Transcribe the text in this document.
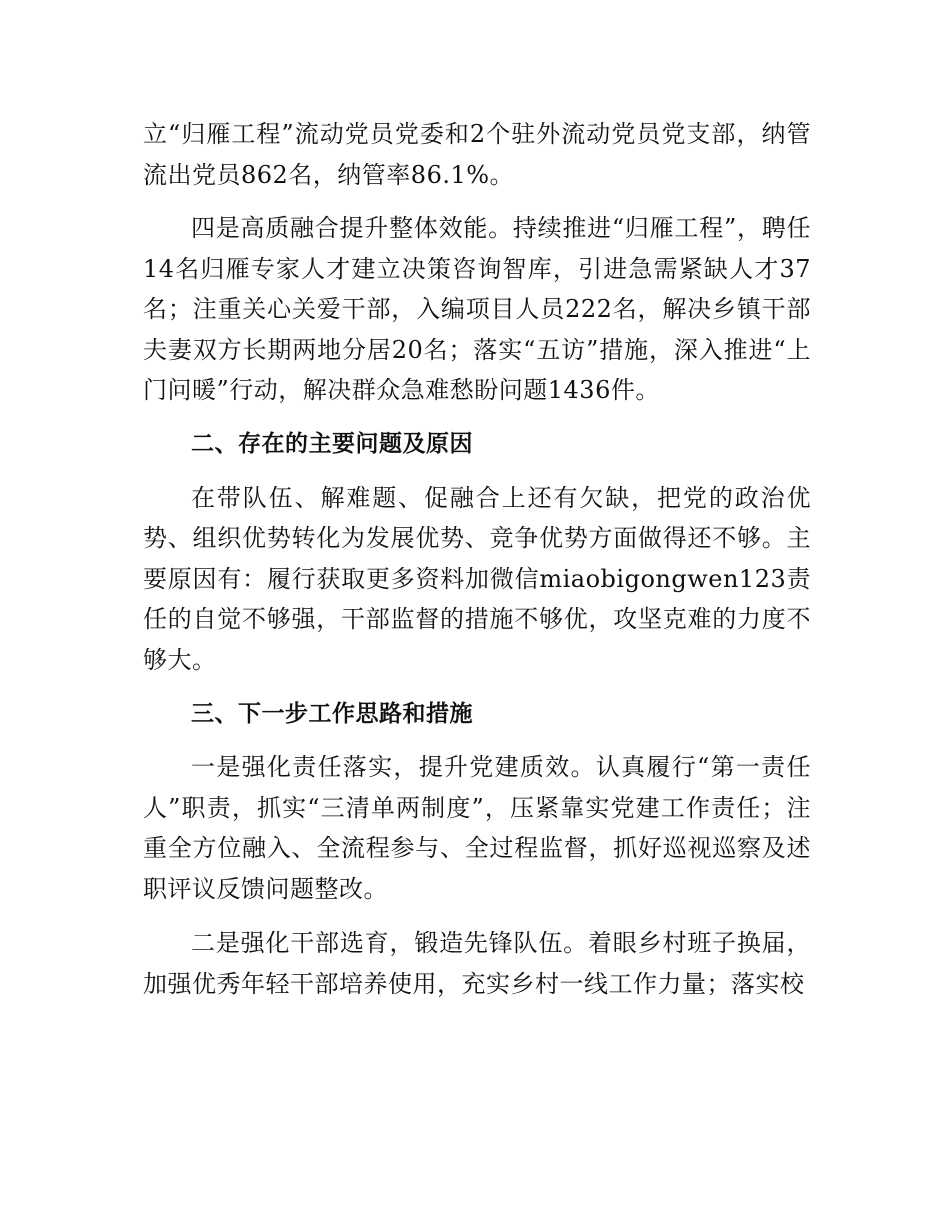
立“归雁工程”流动党员党委和2个驻外流动党员党支部，纳管流出党员862名，纳管率86.1%。

四是高质融合提升整体效能。持续推进“归雁工程”，聘任14名归雁专家人才建立决策咨询智库，引进急需紧缺人才37名；注重关心关爱干部，入编项目人员222名，解决乡镇干部夫妻双方长期两地分居20名；落实“五访”措施，深入推进“上门问暖”行动，解决群众急难愁盼问题1436件。

二、存在的主要问题及原因

在带队伍、解难题、促融合上还有欠缺，把党的政治优势、组织优势转化为发展优势、竞争优势方面做得还不够。主要原因有：履行获取更多资料加微信miaobigongwen123责任的自觉不够强，干部监督的措施不够优，攻坚克难的力度不够大。

三、下一步工作思路和措施

一是强化责任落实，提升党建质效。认真履行“第一责任人”职责，抓实“三清单两制度”，压紧靠实党建工作责任；注重全方位融入、全流程参与、全过程监督，抓好巡视巡察及述职评议反馈问题整改。

二是强化干部选育，锻造先锋队伍。着眼乡村班子换届，加强优秀年轻干部培养使用，充实乡村一线工作力量；落实校
